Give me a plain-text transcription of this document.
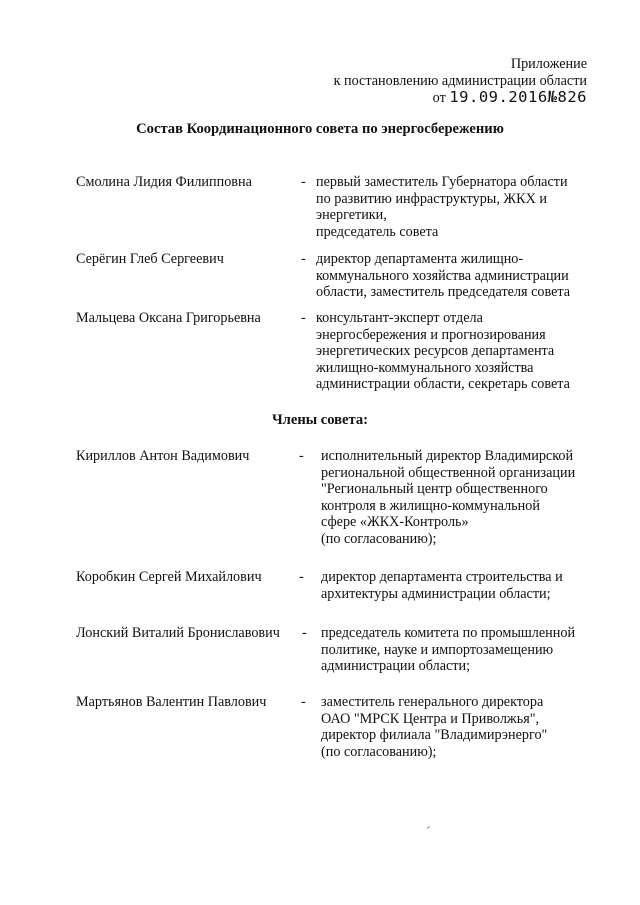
Приложение
к постановлению администрации области
от 19.09.2016№826
Состав Координационного совета по энергосбережению
Смолина Лидия Филипповна	- первый заместитель Губернатора области
по развитию инфраструктуры, ЖКХ и
энергетики,
председатель совета
Серёгин Глеб Сергеевич	- директор департамента жилищно-
коммунального хозяйства администрации
области, заместитель председателя совета
Мальцева Оксана Григорьевна	- консультант-эксперт отдела
энергосбережения и прогнозирования
энергетических ресурсов департамента
жилищно-коммунального хозяйства
администрации области, секретарь совета
Члены совета:
Кириллов Антон Вадимович	- исполнительный директор Владимирской
региональной общественной организации
"Региональный центр общественного
контроля в жилищно-коммунальной
сфере «ЖКХ-Контроль»
(по согласованию);
Коробкин Сергей Михайлович	- директор департамента строительства и
архитектуры администрации области;
Лонский Виталий Брониславович - председатель комитета по промышленной
политике, науке и импортозамещению
администрации области;
Мартьянов Валентин Павлович - заместитель генерального директора
ОАО "МРСК Центра и Приволжья",
директор филиала "Владимирэнерго"
(по согласованию);
